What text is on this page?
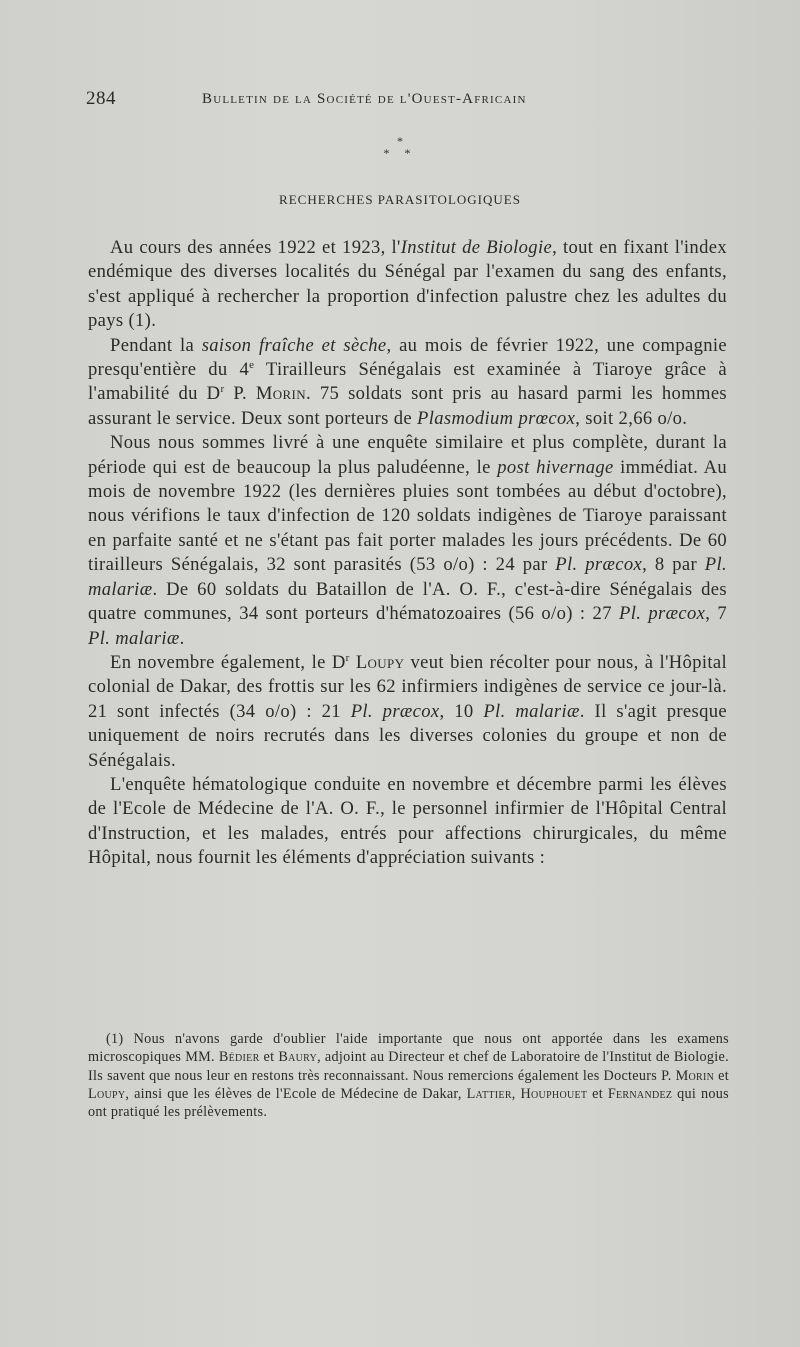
284	Bulletin de la Société de l'Ouest-Africain
*
* *
RECHERCHES PARASITOLOGIQUES

Au cours des années 1922 et 1923, l'Institut de Biologie, tout en fixant l'index endémique des diverses localités du Sénégal par l'examen du sang des enfants, s'est appliqué à rechercher la proportion d'infection palustre chez les adultes du pays (1).

Pendant la saison fraîche et sèche, au mois de février 1922, une compagnie presqu'entière du 4e Tirailleurs Sénégalais est examinée à Tiaroye grâce à l'amabilité du $D^r$ P. Morin. 75 soldats sont pris au hasard parmi les hommes assurant le service. Deux sont porteurs de Plasmodium prœcox, soit 2,66 o/o.

Nous nous sommes livré à une enquête similaire et plus complète, durant la période qui est de beaucoup la plus paludéenne, le post hivernage immédiat. Au mois de novembre 1922 (les dernières pluies sont tombées au début d'octobre), nous vérifions le taux d'infection de 120 soldats indigènes de Tiaroye paraissant en parfaite santé et ne s'étant pas fait porter malades les jours précédents. De 60 tirailleurs Sénégalais, 32 sont parasités (53 o/o) : 24 par Pl. præcox, 8 par Pl. malariæ. De 60 soldats du Bataillon de l'A. O. F., c'est-à-dire Sénégalais des quatre communes, 34 sont porteurs d'hématozoaires (56 o/o) : 27 Pl. præcox, 7 Pl. malariæ.

En novembre également, le $D^r$ Loupy veut bien récolter pour nous, à l'Hôpital colonial de Dakar, des frottis sur les 62 infirmiers indigènes de service ce jour-là. 21 sont infectés (34 o/o) : 21 Pl. præcox, 10 Pl. malariæ. Il s'agit presque uniquement de noirs recrutés dans les diverses colonies du groupe et non de Sénégalais.

L'enquête hématologique conduite en novembre et décembre parmi les élèves de l'Ecole de Médecine de l'A. O. F., le personnel infirmier de l'Hôpital Central d'Instruction, et les malades, entrés pour affections chirurgicales, du même Hôpital, nous fournit les éléments d'appréciation suivants :

(1) Nous n'avons garde d'oublier l'aide importante que nous ont apportée dans les examens microscopiques MM. Bédier et Baury, adjoint au Directeur et chef de Laboratoire de l'Institut de Biologie. Ils savent que nous leur en restons très reconnaissant. Nous remercions également les Docteurs P. Morin et Loupy, ainsi que les élèves de l'Ecole de Médecine de Dakar, Lattier, Houphouet et Fernandez qui nous ont pratiqué les prélèvements.
